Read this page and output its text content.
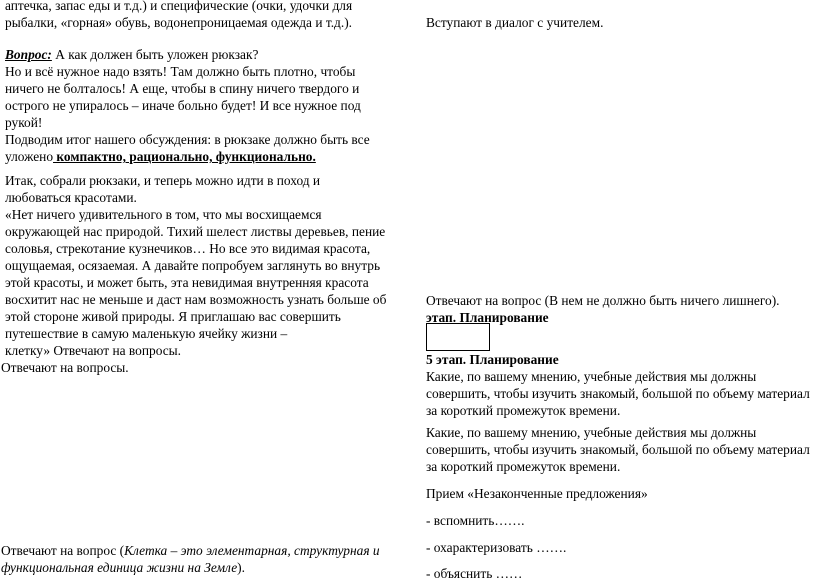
аптечка, запас еды и т.д.) и специфические (очки, удочки для

рыбалки, «горная» обувь, водонепроницаемая одежда и т.д.).

Вопрос: А как должен быть уложен рюкзак?

Но и всё нужное надо взять! Там должно быть плотно, чтобы

ничего не болталось! А еще, чтобы в спину ничего твердого и

острого не упиралось – иначе больно будет! И все нужное под

рукой!

Подводим итог нашего обсуждения: в рюкзаке должно быть все

уложено компактно, рационально, функционально.

Итак, собрали рюкзаки, и теперь можно идти в поход и

любоваться красотами.

«Нет ничего удивительного в том, что мы восхищаемся

окружающей нас природой. Тихий шелест листвы деревьев, пение

соловья, стрекотание кузнечиков… Но все это видимая красота,

ощущаемая, осязаемая. А давайте попробуем заглянуть во внутрь

этой красоты, и может быть, эта невидимая внутренняя красота

восхитит нас не меньше и даст нам возможность узнать больше об

этой стороне живой природы. Я приглашаю вас совершить

путешествие в самую маленькую ячейку жизни –

клетку» Отвечают на вопросы.

Отвечают на вопросы.

Отвечают на вопрос (Клетка – это элементарная, структурная и

функциональная единица жизни на Земле).

Вступают в диалог с учителем.

Отвечают на вопрос (В нем не должно быть ничего лишнего).

этап. Планирование

5 этап. Планирование

Какие, по вашему мнению, учебные действия мы должны

совершить, чтобы изучить знакомый, большой по объему материал

за короткий промежуток времени.

Какие, по вашему мнению, учебные действия мы должны

совершить, чтобы изучить знакомый, большой по объему материал

за короткий промежуток времени.

Прием «Незаконченные предложения»

- вспомнить…….

- охарактеризовать …….

- объяснить ……
